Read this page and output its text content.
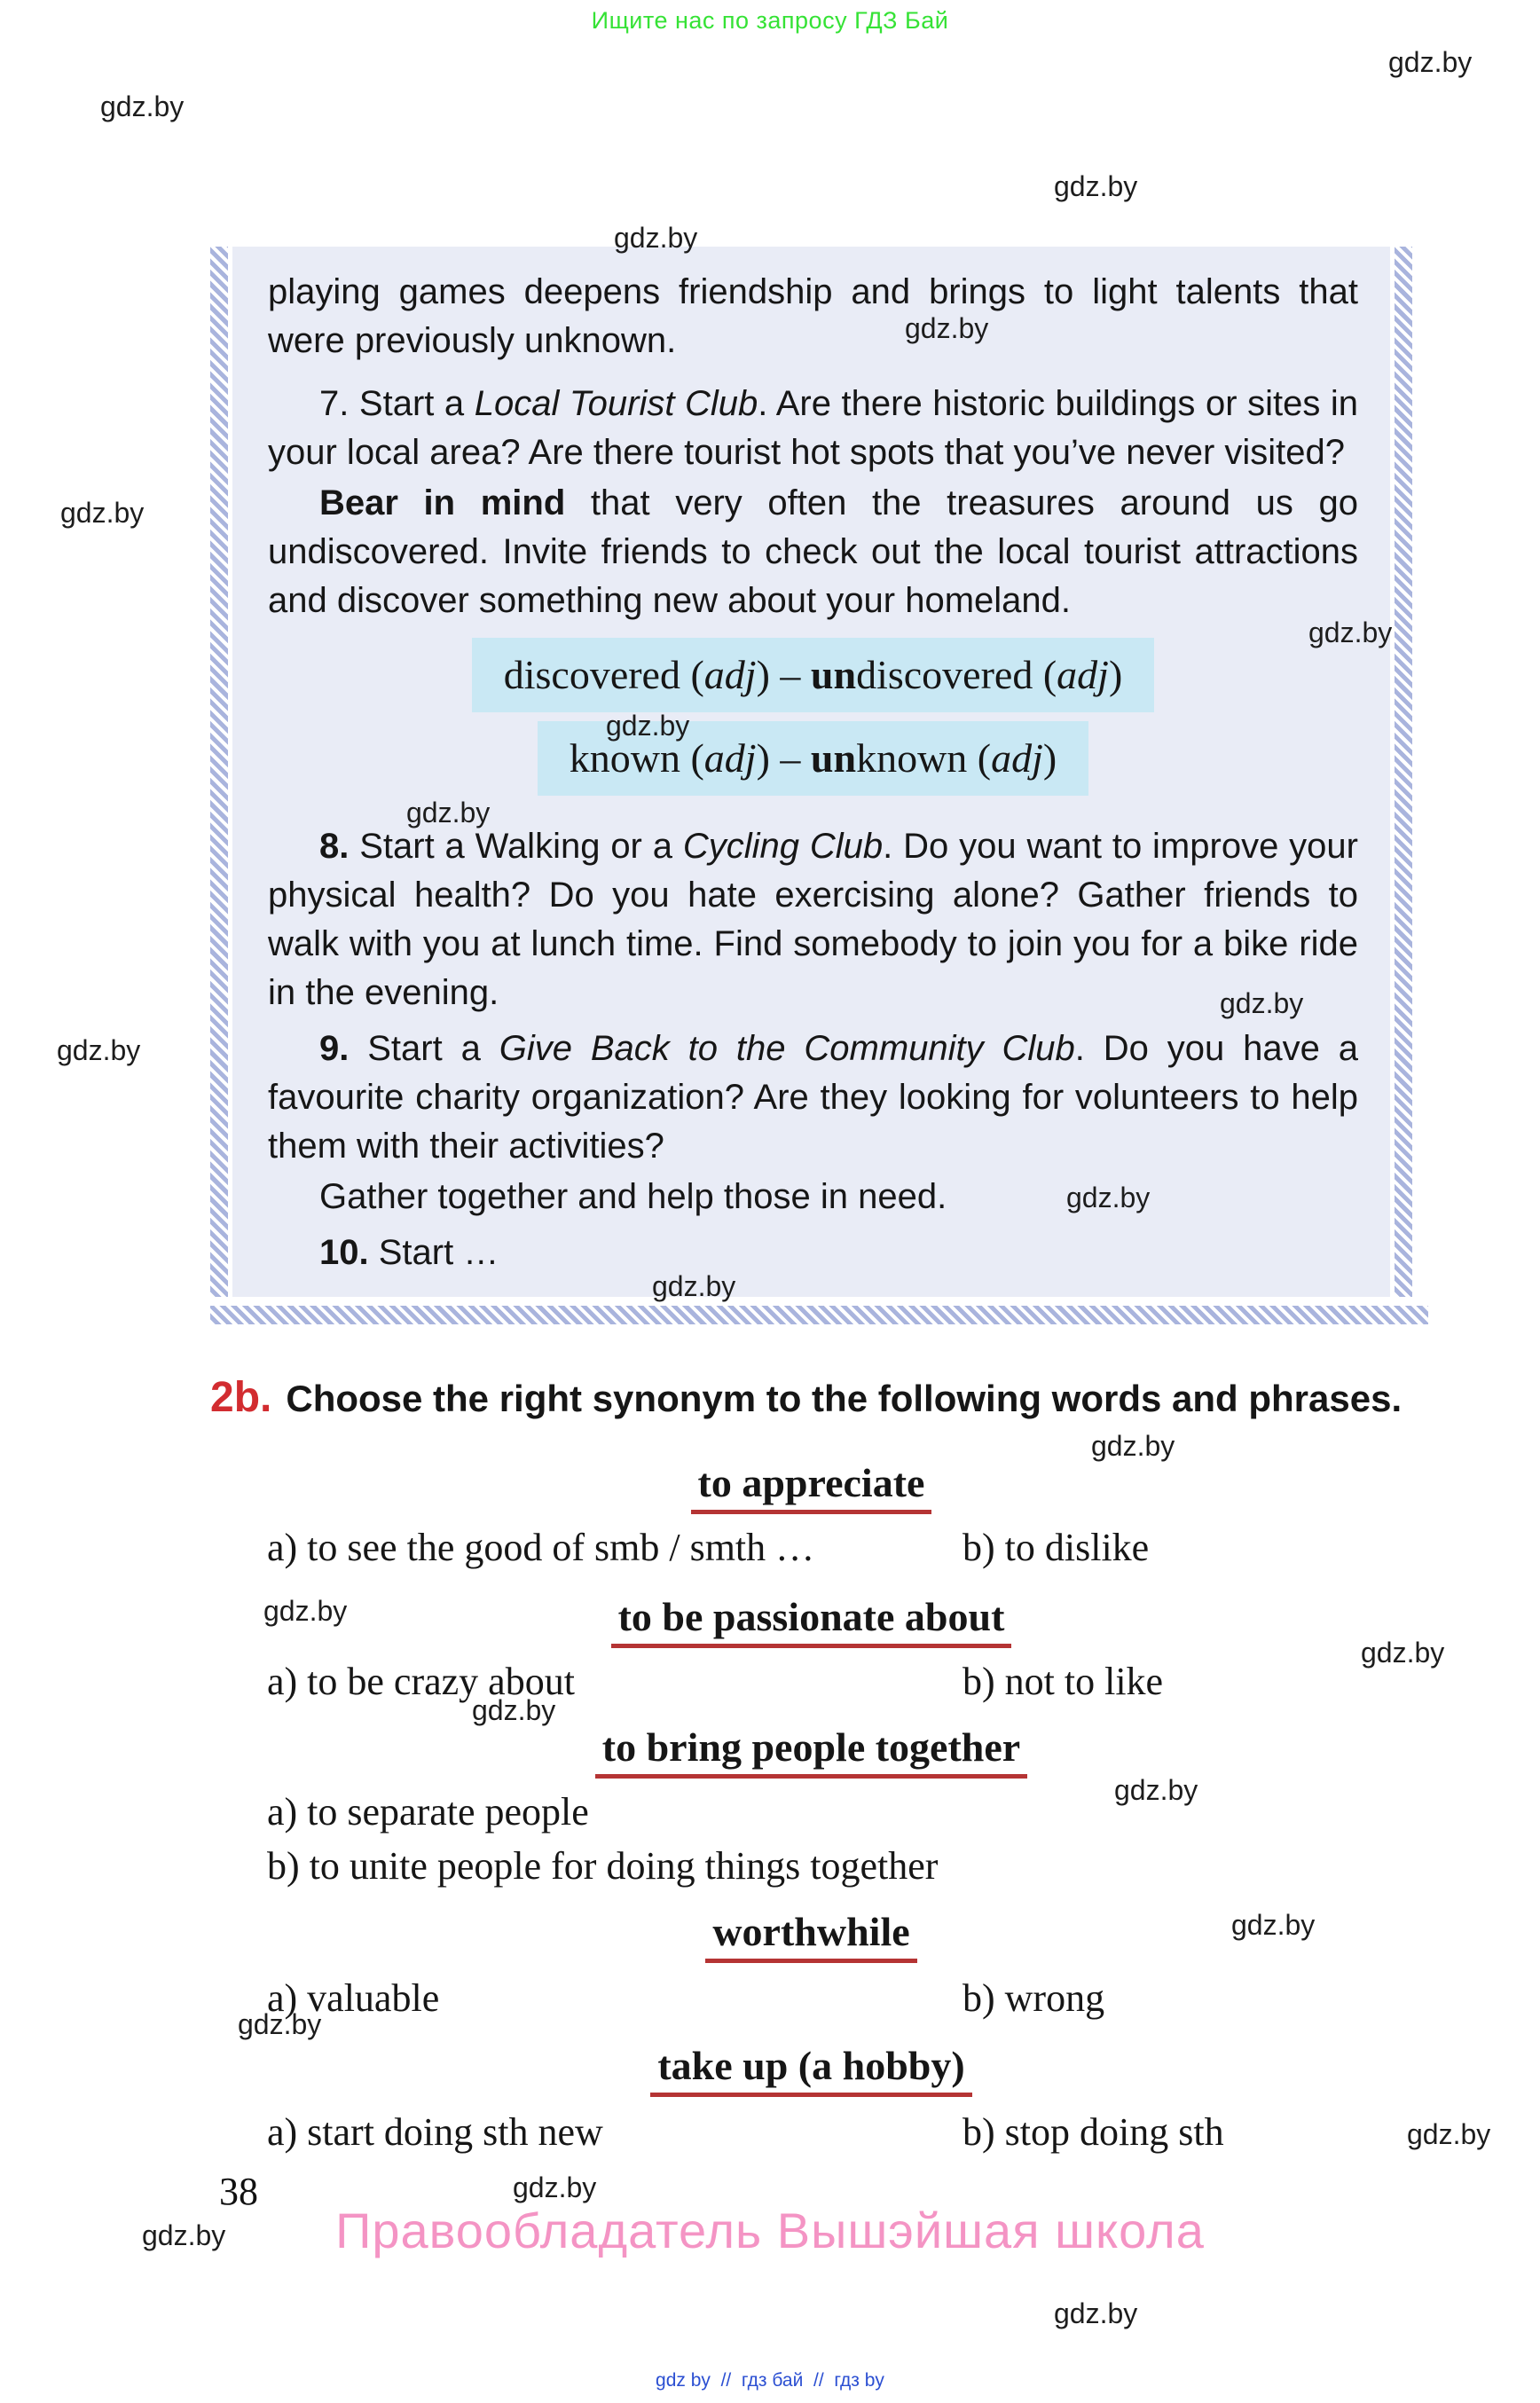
Ищите нас по запросу ГДЗ Бай

playing games deepens friendship and brings to light talents that were previously unknown.

7. Start a Local Tourist Club. Are there historic buildings or sites in your local area? Are there tourist hot spots that you’ve never visited?

Bear in mind that very often the treasures around us go undiscovered. Invite friends to check out the local tourist attractions and discover something new about your homeland.

discovered (adj) – undiscovered (adj)
known (adj) – unknown (adj)

8. Start a Walking or a Cycling Club. Do you want to improve your physical health? Do you hate exercising alone? Gather friends to walk with you at lunch time. Find somebody to join you for a bike ride in the evening.

9. Start a Give Back to the Community Club. Do you have a favourite charity organization? Are they looking for volunteers to help them with their activities?

Gather together and help those in need.

10. Start …

2b. Choose the right synonym to the following words and phrases.
to appreciate
a) to see the good of smb / smth …	b) to dislike
to be passionate about
a) to be crazy about	b) not to like
to bring people together
a) to separate people
b) to unite people for doing things together
worthwhile
a) valuable	b) wrong
take up (a hobby)
a) start doing sth new	b) stop doing sth
38
Правообладатель Вышэйшая школа
gdz by  //  гдз бай  //  гдз by
gdz.by
gdz.by
gdz.by
gdz.by
gdz.by
gdz.by
gdz.by
gdz.by
gdz.by
gdz.by
gdz.by
gdz.by
gdz.by
gdz.by
gdz.by
gdz.by
gdz.by
gdz.by
gdz.by
gdz.by
gdz.by
gdz.by
gdz.by
gdz.by
